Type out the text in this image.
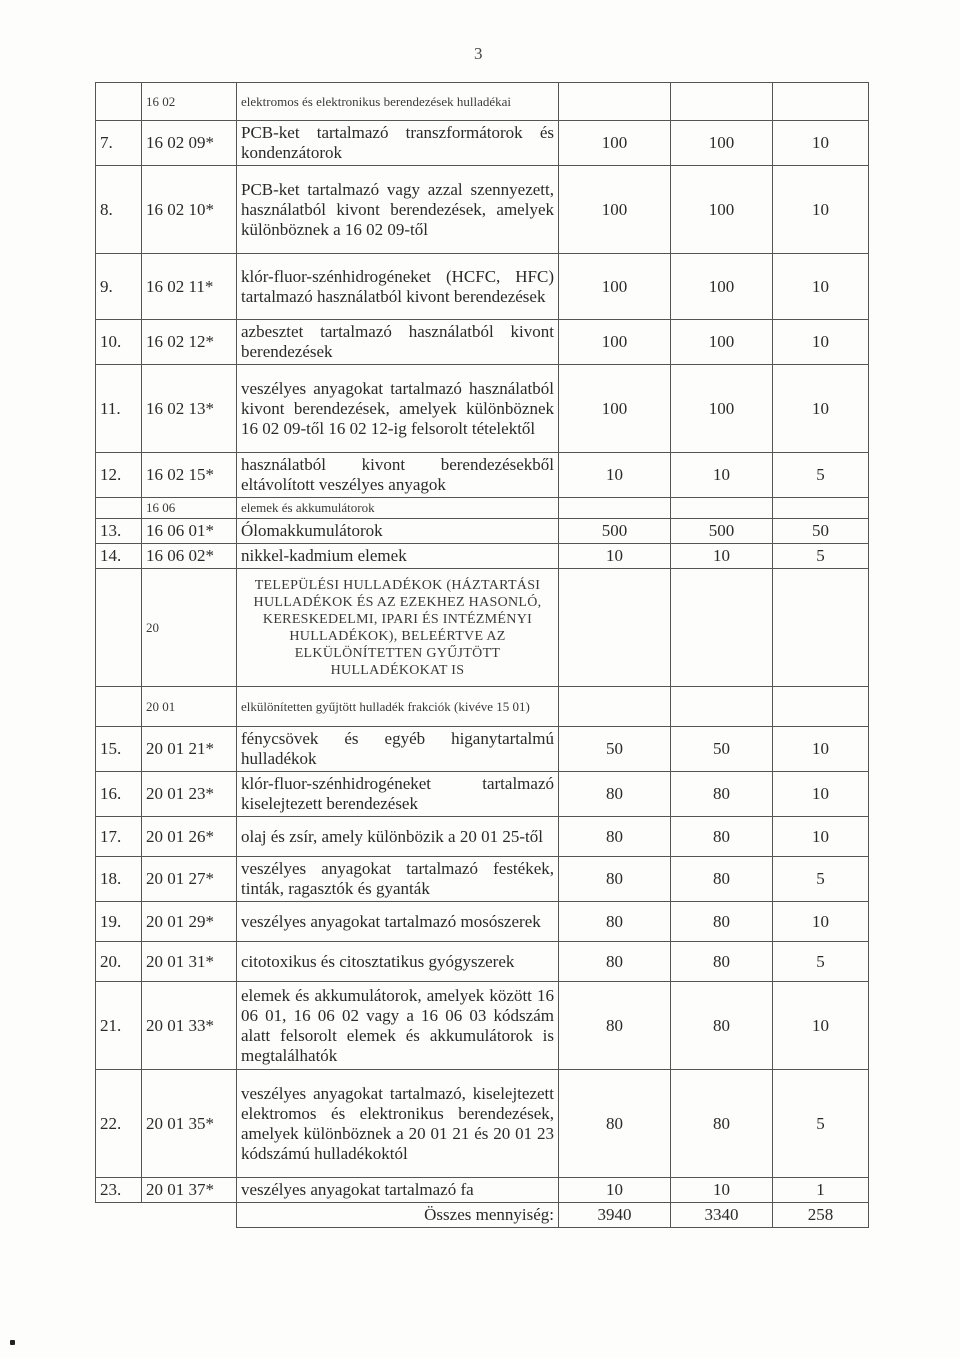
3
	16 02	elektromos és elektronikus berendezések hulladékai			
7.	16 02 09*	PCB-ket tartalmazó transzformátorok és kondenzátorok	100	100	10
8.	16 02 10*	PCB-ket tartalmazó vagy azzal szennyezett, használatból kivont berendezések, amelyek különböznek a 16 02 09-től	100	100	10
9.	16 02 11*	klór-fluor-szénhidrogéneket (HCFC, HFC) tartalmazó használatból kivont berendezések	100	100	10
10.	16 02 12*	azbesztet tartalmazó használatból kivont berendezések	100	100	10
11.	16 02 13*	veszélyes anyagokat tartalmazó használatból kivont berendezések, amelyek különböznek 16 02 09-től 16 02 12-ig felsorolt tételektől	100	100	10
12.	16 02 15*	használatból kivont berendezésekből eltávolított veszélyes anyagok	10	10	5
	16 06	elemek és akkumulátorok			
13.	16 06 01*	Ólomakkumulátorok	500	500	50
14.	16 06 02*	nikkel-kadmium elemek	10	10	5
	20	TELEPÜLÉSI HULLADÉKOK (HÁZTARTÁSI HULLADÉKOK ÉS AZ EZEKHEZ HASONLÓ, KERESKEDELMI, IPARI ÉS INTÉZMÉNYI HULLADÉKOK), BELEÉRTVE AZ ELKÜLÖNÍTETTEN GYŰJTÖTT HULLADÉKOKAT IS			
	20 01	elkülönítetten gyűjtött hulladék frakciók (kivéve 15 01)			
15.	20 01 21*	fénycsövek és egyéb higanytartalmú hulladékok	50	50	10
16.	20 01 23*	klór-fluor-szénhidrogéneket tartalmazó kiselejtezett berendezések	80	80	10
17.	20 01 26*	olaj és zsír, amely különbözik a 20 01 25-től	80	80	10
18.	20 01 27*	veszélyes anyagokat tartalmazó festékek, tinták, ragasztók és gyanták	80	80	5
19.	20 01 29*	veszélyes anyagokat tartalmazó mosószerek	80	80	10
20.	20 01 31*	citotoxikus és citosztatikus gyógyszerek	80	80	5
21.	20 01 33*	elemek és akkumulátorok, amelyek között 16 06 01, 16 06 02 vagy a 16 06 03 kódszám alatt felsorolt elemek és akkumulátorok is megtalálhatók	80	80	10
22.	20 01 35*	veszélyes anyagokat tartalmazó, kiselejtezett elektromos és elektronikus berendezések, amelyek különböznek a 20 01 21 és 20 01 23 kódszámú hulladékoktól	80	80	5
23.	20 01 37*	veszélyes anyagokat tartalmazó fa	10	10	1
		Összes mennyiség:	3940	3340	258
